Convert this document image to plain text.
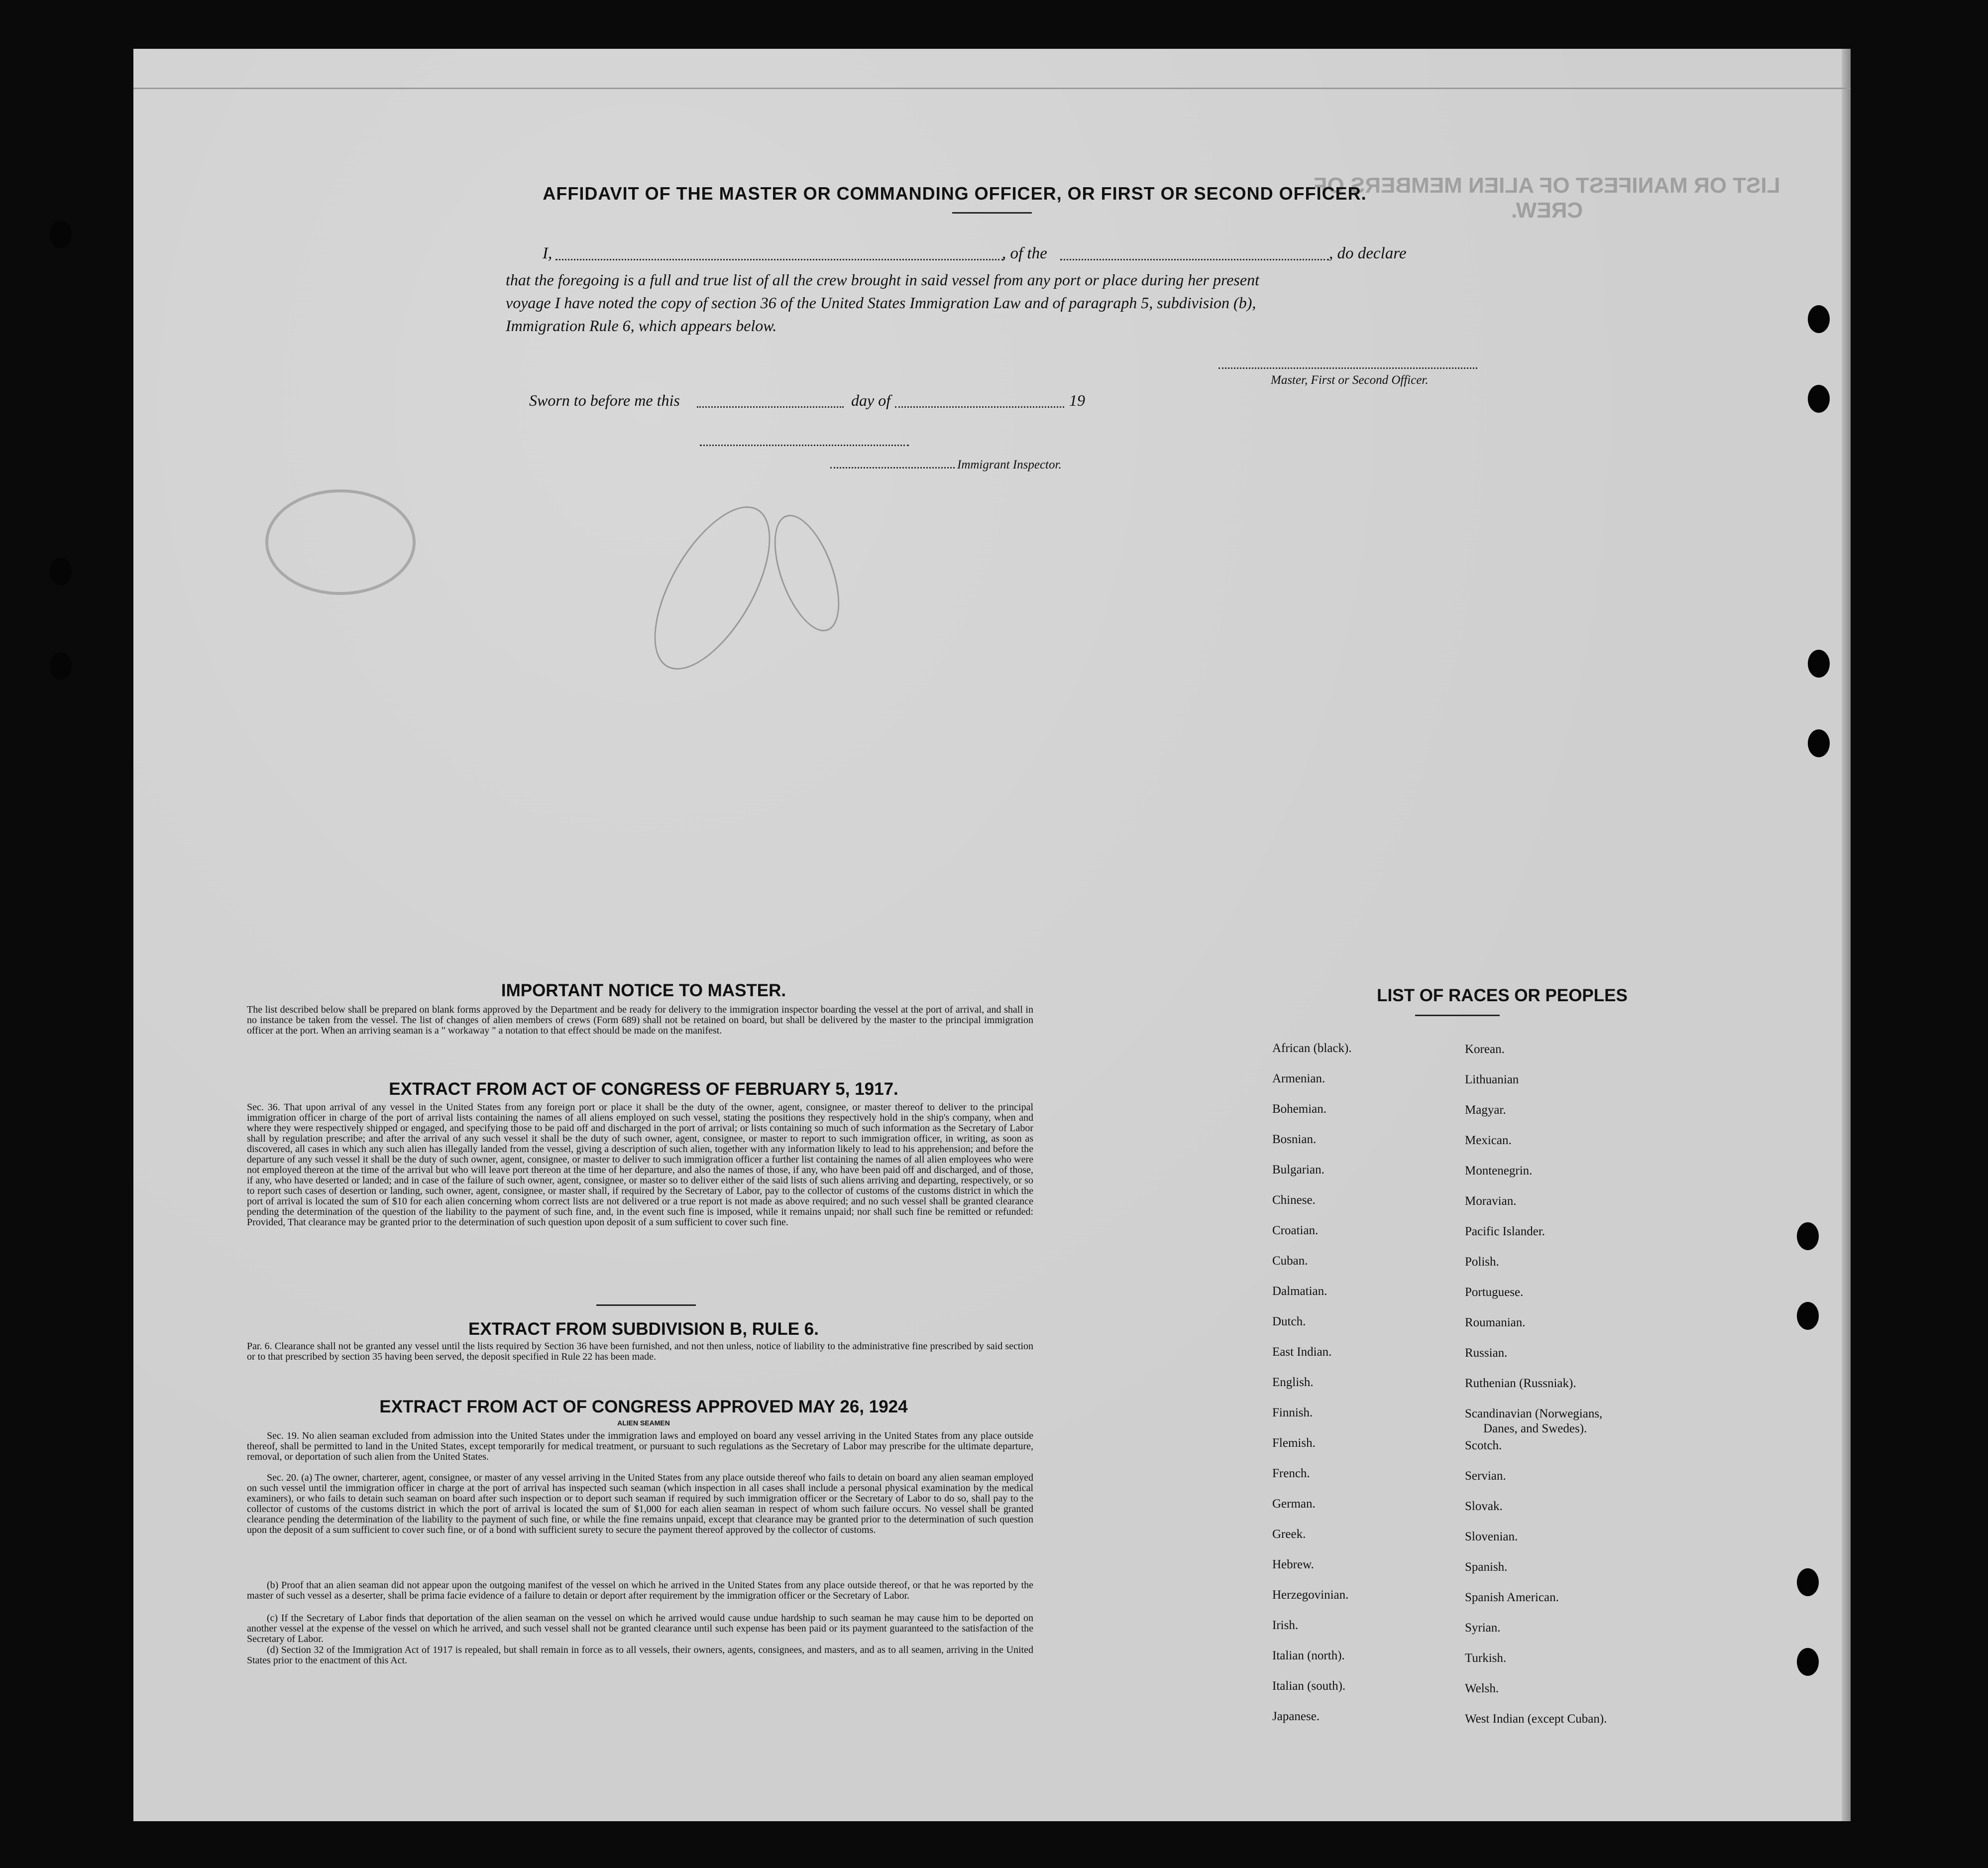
LIST OR MANIFEST OF ALIEN MEMBERS OF CREW.
AFFIDAVIT OF THE MASTER OR COMMANDING OFFICER, OR FIRST OR SECOND OFFICER.
I,	, of the	, do declare
that the foregoing is a full and true list of all the crew brought in said vessel from any port or place during her present
voyage I have noted the copy of section 36 of the United States Immigration Law and of paragraph 5, subdivision (b),
Immigration Rule 6, which appears below.
Master, First or Second Officer.
Sworn to before me this	day of	19
Immigrant Inspector.
IMPORTANT NOTICE TO MASTER.
The list described below shall be prepared on blank forms approved by the Department and be ready for delivery to the immigration inspector boarding the vessel at the port of arrival, and shall in no instance be taken from the vessel. The list of changes of alien members of crews (Form 689) shall not be retained on board, but shall be delivered by the master to the principal immigration officer at the port. When an arriving seaman is a " workaway " a notation to that effect should be made on the manifest.
EXTRACT FROM ACT OF CONGRESS OF FEBRUARY 5, 1917.
Sec. 36. That upon arrival of any vessel in the United States from any foreign port or place it shall be the duty of the owner, agent, consignee, or master thereof to deliver to the principal immigration officer in charge of the port of arrival lists containing the names of all aliens employed on such vessel, stating the positions they respectively hold in the ship's company, when and where they were respectively shipped or engaged, and specifying those to be paid off and discharged in the port of arrival; or lists containing so much of such information as the Secretary of Labor shall by regulation prescribe; and after the arrival of any such vessel it shall be the duty of such owner, agent, consignee, or master to report to such immigration officer, in writing, as soon as discovered, all cases in which any such alien has illegally landed from the vessel, giving a description of such alien, together with any information likely to lead to his apprehension; and before the departure of any such vessel it shall be the duty of such owner, agent, consignee, or master to deliver to such immigration officer a further list containing the names of all alien employees who were not employed thereon at the time of the arrival but who will leave port thereon at the time of her departure, and also the names of those, if any, who have been paid off and discharged, and of those, if any, who have deserted or landed; and in case of the failure of such owner, agent, consignee, or master so to deliver either of the said lists of such aliens arriving and departing, respectively, or so to report such cases of desertion or landing, such owner, agent, consignee, or master shall, if required by the Secretary of Labor, pay to the collector of customs of the customs district in which the port of arrival is located the sum of $10 for each alien concerning whom correct lists are not delivered or a true report is not made as above required; and no such vessel shall be granted clearance pending the determination of the question of the liability to the payment of such fine, and, in the event such fine is imposed, while it remains unpaid; nor shall such fine be remitted or refunded: Provided, That clearance may be granted prior to the determination of such question upon deposit of a sum sufficient to cover such fine.
EXTRACT FROM SUBDIVISION B, RULE 6.
Par. 6. Clearance shall not be granted any vessel until the lists required by Section 36 have been furnished, and not then unless, notice of liability to the administrative fine prescribed by said section or to that prescribed by section 35 having been served, the deposit specified in Rule 22 has been made.
EXTRACT FROM ACT OF CONGRESS APPROVED MAY 26, 1924
ALIEN SEAMEN
Sec. 19. No alien seaman excluded from admission into the United States under the immigration laws and employed on board any vessel arriving in the United States from any place outside thereof, shall be permitted to land in the United States, except temporarily for medical treatment, or pursuant to such regulations as the Secretary of Labor may prescribe for the ultimate departure, removal, or deportation of such alien from the United States.
Sec. 20. (a) The owner, charterer, agent, consignee, or master of any vessel arriving in the United States from any place outside thereof who fails to detain on board any alien seaman employed on such vessel until the immigration officer in charge at the port of arrival has inspected such seaman (which inspection in all cases shall include a personal physical examination by the medical examiners), or who fails to detain such seaman on board after such inspection or to deport such seaman if required by such immigration officer or the Secretary of Labor to do so, shall pay to the collector of customs of the customs district in which the port of arrival is located the sum of $1,000 for each alien seaman in respect of whom such failure occurs. No vessel shall be granted clearance pending the determination of the liability to the payment of such fine, or while the fine remains unpaid, except that clearance may be granted prior to the determination of such question upon the deposit of a sum sufficient to cover such fine, or of a bond with sufficient surety to secure the payment thereof approved by the collector of customs.
(b) Proof that an alien seaman did not appear upon the outgoing manifest of the vessel on which he arrived in the United States from any place outside thereof, or that he was reported by the master of such vessel as a deserter, shall be prima facie evidence of a failure to detain or deport after requirement by the immigration officer or the Secretary of Labor.
(c) If the Secretary of Labor finds that deportation of the alien seaman on the vessel on which he arrived would cause undue hardship to such seaman he may cause him to be deported on another vessel at the expense of the vessel on which he arrived, and such vessel shall not be granted clearance until such expense has been paid or its payment guaranteed to the satisfaction of the Secretary of Labor.
(d) Section 32 of the Immigration Act of 1917 is repealed, but shall remain in force as to all vessels, their owners, agents, consignees, and masters, and as to all seamen, arriving in the United States prior to the enactment of this Act.
LIST OF RACES OR PEOPLES
African (black).
Armenian.
Bohemian.
Bosnian.
Bulgarian.
Chinese.
Croatian.
Cuban.
Dalmatian.
Dutch.
East Indian.
English.
Finnish.
Flemish.
French.
German.
Greek.
Hebrew.
Herzegovinian.
Irish.
Italian (north).
Italian (south).
Japanese.
Korean.
Lithuanian
Magyar.
Mexican.
Montenegrin.
Moravian.
Pacific Islander.
Polish.
Portuguese.
Roumanian.
Russian.
Ruthenian (Russniak).
Scandinavian (Norwegians,
Danes, and Swedes).
Scotch.
Servian.
Slovak.
Slovenian.
Spanish.
Spanish American.
Syrian.
Turkish.
Welsh.
West Indian (except Cuban).
